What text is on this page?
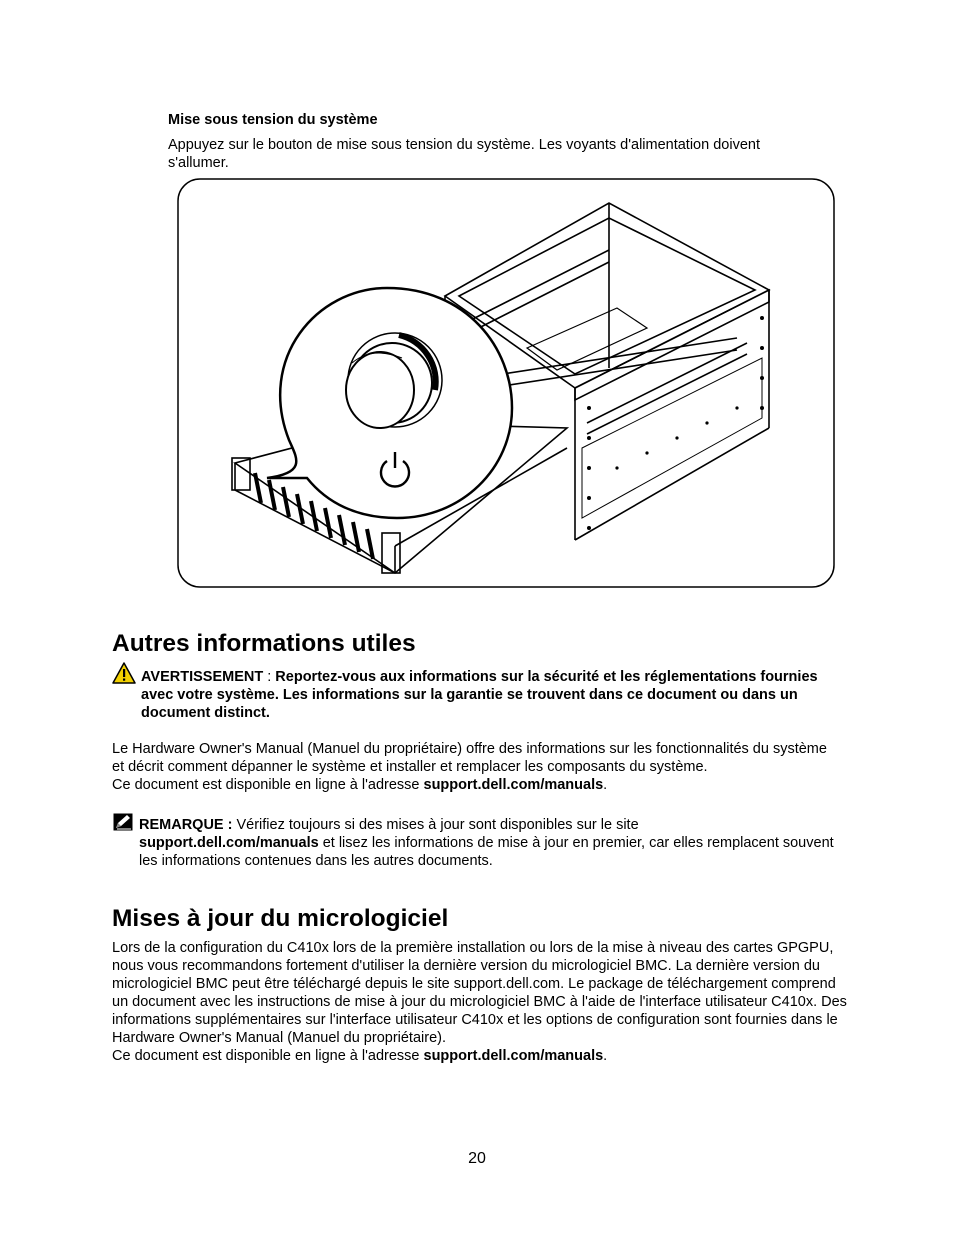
Mise sous tension du système
Appuyez sur le bouton de mise sous tension du système. Les voyants d'alimentation doivent s'allumer.
Autres informations utiles
AVERTISSEMENT : Reportez-vous aux informations sur la sécurité et les réglementations fournies avec votre système. Les informations sur la garantie se trouvent dans ce document ou dans un document distinct.
Le Hardware Owner's Manual (Manuel du propriétaire) offre des informations sur les fonctionnalités du système et décrit comment dépanner le système et installer et remplacer les composants du système.
Ce document est disponible en ligne à l'adresse support.dell.com/manuals.
REMARQUE : Vérifiez toujours si des mises à jour sont disponibles sur le site
support.dell.com/manuals et lisez les informations de mise à jour en premier, car elles remplacent souvent les informations contenues dans les autres documents.
Mises à jour du micrologiciel
Lors de la configuration du C410x lors de la première installation ou lors de la mise à niveau des cartes GPGPU, nous vous recommandons fortement d'utiliser la dernière version du micrologiciel BMC. La dernière version du micrologiciel BMC peut être téléchargé depuis le site support.dell.com. Le package de téléchargement comprend un document avec les instructions de mise à jour du micrologiciel BMC à l'aide de l'interface utilisateur C410x. Des informations supplémentaires sur l'interface utilisateur C410x et les options de configuration sont fournies dans le Hardware Owner's Manual (Manuel du propriétaire).
Ce document est disponible en ligne à l'adresse support.dell.com/manuals.
20
